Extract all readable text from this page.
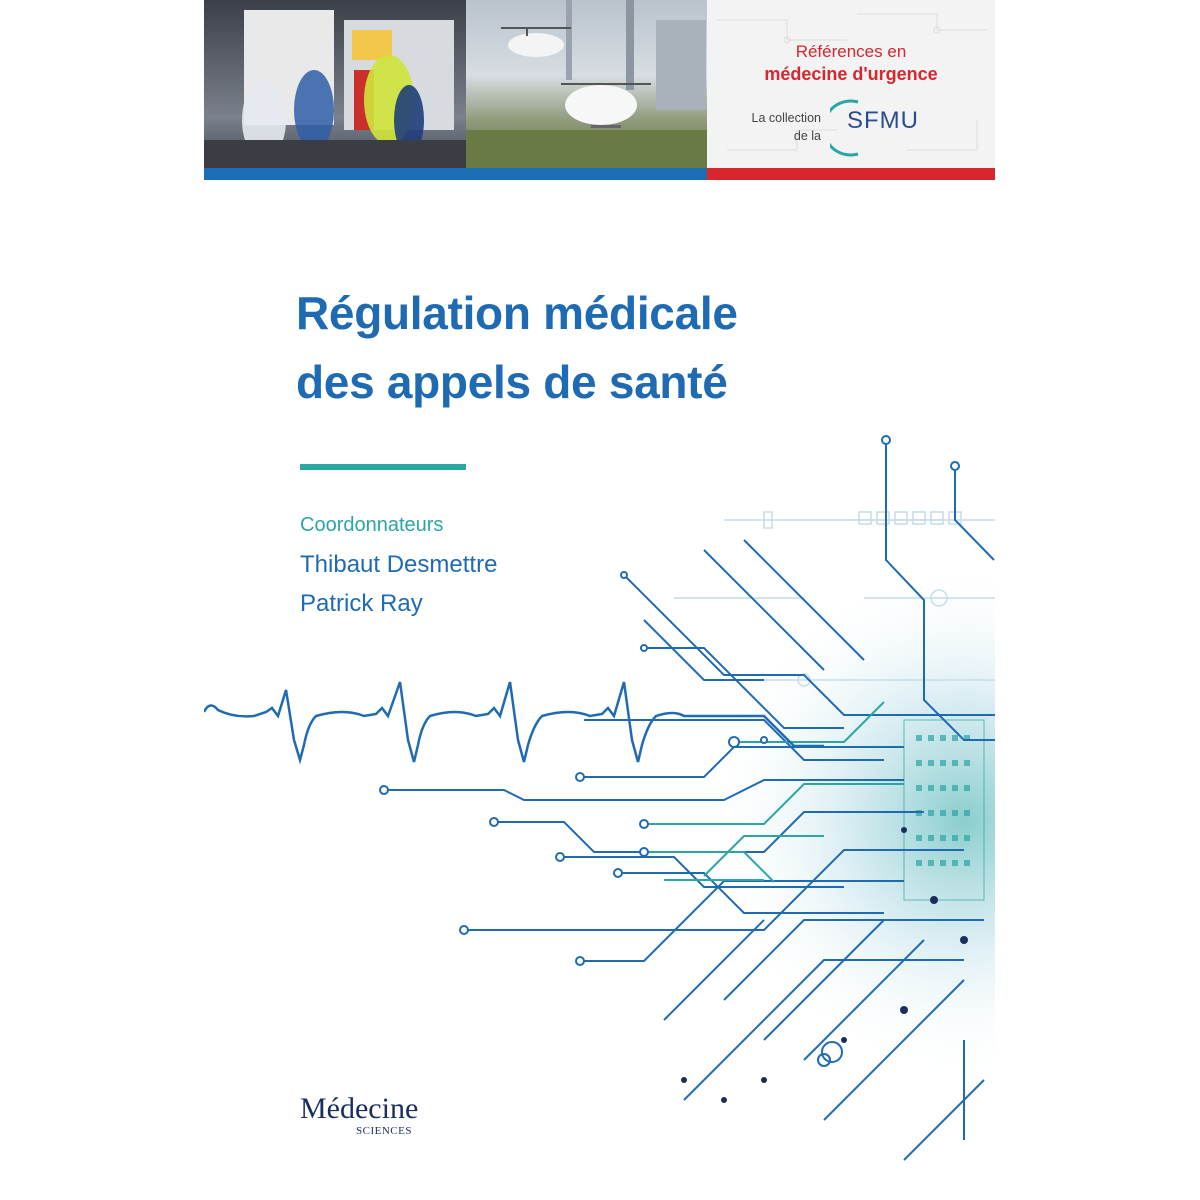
Références en
médecine d'urgence
La collection
de la
SFMU
Régulation médicale
des appels de santé
Coordonnateurs
Thibaut Desmettre
Patrick Ray
Médecine
SCIENCES
